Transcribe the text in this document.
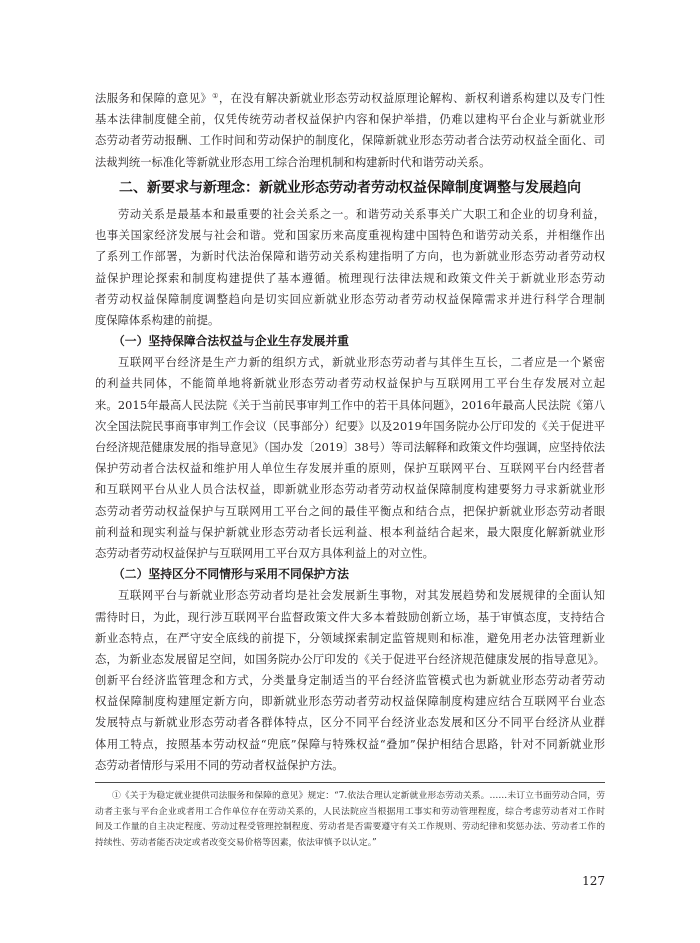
法服务和保障的意见》①，在没有解决新就业形态劳动权益原理论解构、新权利谱系构建以及专门性
基本法律制度健全前，仅凭传统劳动者权益保护内容和保护举措，仍难以建构平台企业与新就业形
态劳动者劳动报酬、工作时间和劳动保护的制度化，保障新就业形态劳动者合法劳动权益全面化、司
法裁判统一标准化等新就业形态用工综合治理机制和构建新时代和谐劳动关系。
二、新要求与新理念：新就业形态劳动者劳动权益保障制度调整与发展趋向
劳动关系是最基本和最重要的社会关系之一。和谐劳动关系事关广大职工和企业的切身利益，
也事关国家经济发展与社会和谐。党和国家历来高度重视构建中国特色和谐劳动关系，并相继作出
了系列工作部署，为新时代法治保障和谐劳动关系构建指明了方向，也为新就业形态劳动者劳动权
益保护理论探索和制度构建提供了基本遵循。梳理现行法律法规和政策文件关于新就业形态劳动
者劳动权益保障制度调整趋向是切实回应新就业形态劳动者劳动权益保障需求并进行科学合理制
度保障体系构建的前提。
（一）坚持保障合法权益与企业生存发展并重
互联网平台经济是生产力新的组织方式，新就业形态劳动者与其伴生互长，二者应是一个紧密
的利益共同体，不能简单地将新就业形态劳动者劳动权益保护与互联网用工平台生存发展对立起
来。2015年最高人民法院《关于当前民事审判工作中的若干具体问题》，2016年最高人民法院《第八
次全国法院民事商事审判工作会议（民事部分）纪要》以及2019年国务院办公厅印发的《关于促进平
台经济规范健康发展的指导意见》（国办发〔2019〕38号）等司法解释和政策文件均强调，应坚持依法
保护劳动者合法权益和维护用人单位生存发展并重的原则，保护互联网平台、互联网平台内经营者
和互联网平台从业人员合法权益，即新就业形态劳动者劳动权益保障制度构建要努力寻求新就业形
态劳动者劳动权益保护与互联网用工平台之间的最佳平衡点和结合点，把保护新就业形态劳动者眼
前利益和现实利益与保护新就业形态劳动者长远利益、根本利益结合起来，最大限度化解新就业形
态劳动者劳动权益保护与互联网用工平台双方具体利益上的对立性。
（二）坚持区分不同情形与采用不同保护方法
互联网平台与新就业形态劳动者均是社会发展新生事物，对其发展趋势和发展规律的全面认知
需待时日，为此，现行涉互联网平台监督政策文件大多本着鼓励创新立场，基于审慎态度，支持结合
新业态特点，在严守安全底线的前提下，分领域探索制定监管规则和标准，避免用老办法管理新业
态，为新业态发展留足空间，如国务院办公厅印发的《关于促进平台经济规范健康发展的指导意见》。
创新平台经济监管理念和方式，分类量身定制适当的平台经济监管模式也为新就业形态劳动者劳动
权益保障制度构建厘定新方向，即新就业形态劳动者劳动权益保障制度构建应结合互联网平台业态
发展特点与新就业形态劳动者各群体特点，区分不同平台经济业态发展和区分不同平台经济从业群
体用工特点，按照基本劳动权益“兜底”保障与特殊权益“叠加”保护相结合思路，针对不同新就业形
态劳动者情形与采用不同的劳动者权益保护方法。
①《关于为稳定就业提供司法服务和保障的意见》规定：“7.依法合理认定新就业形态劳动关系。……未订立书面劳动合同，劳
动者主张与平台企业或者用工合作单位存在劳动关系的，人民法院应当根据用工事实和劳动管理程度，综合考虑劳动者对工作时
间及工作量的自主决定程度、劳动过程受管理控制程度、劳动者是否需要遵守有关工作规则、劳动纪律和奖惩办法、劳动者工作的
持续性、劳动者能否决定或者改变交易价格等因素，依法审慎予以认定。”
127
